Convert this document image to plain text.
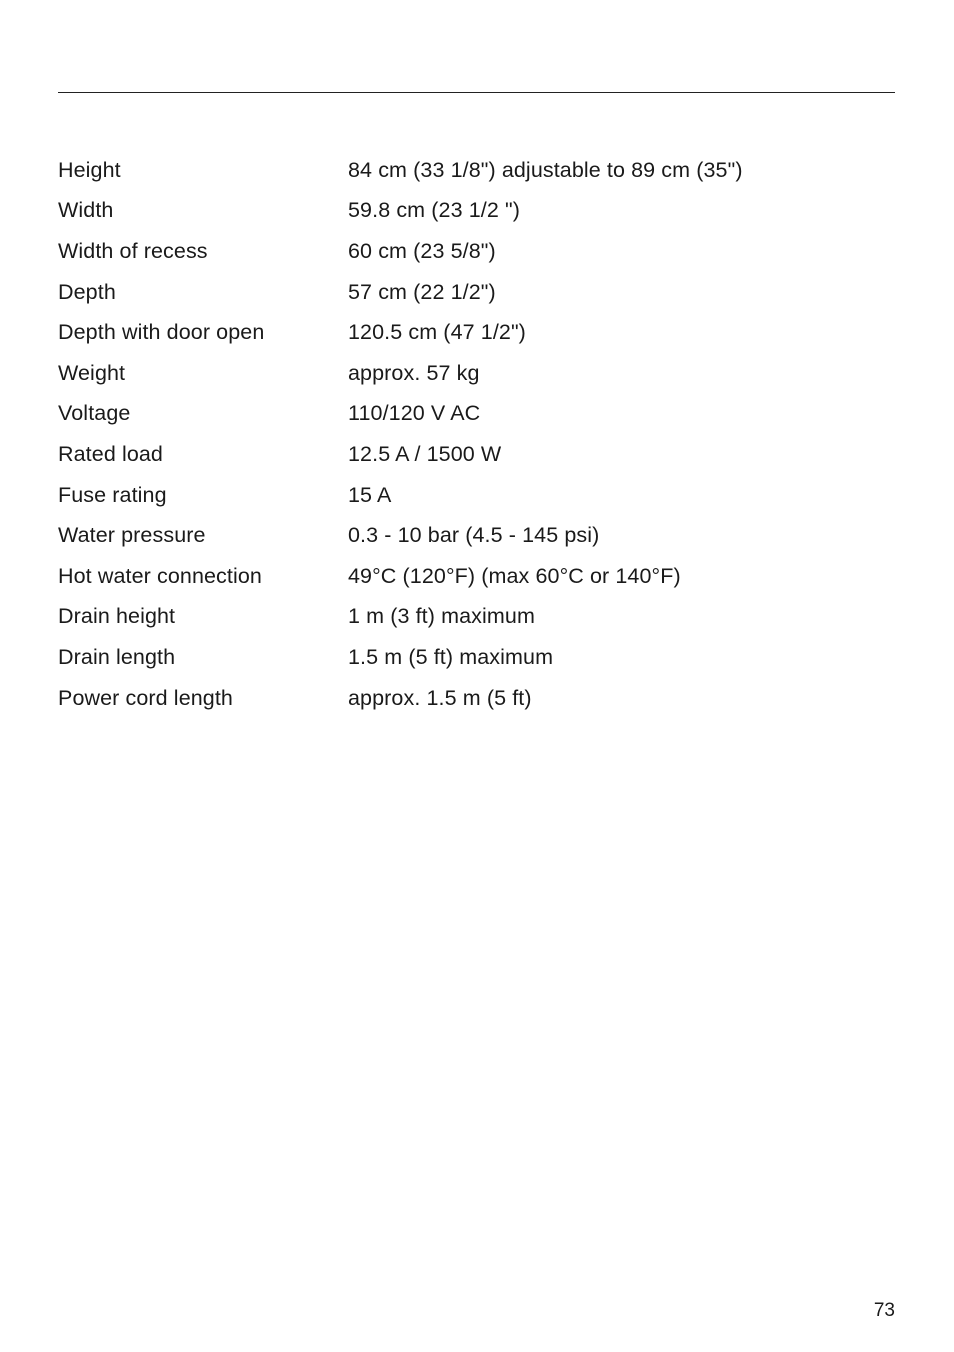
Height	84 cm (33 1/8") adjustable to 89 cm (35")
Width	59.8 cm (23 1/2 ")
Width of recess	60 cm (23 5/8")
Depth	57 cm (22 1/2")
Depth with door open	120.5 cm (47 1/2")
Weight	approx. 57 kg
Voltage	110/120 V AC
Rated load	12.5 A / 1500 W
Fuse rating	15 A
Water pressure	0.3 - 10 bar (4.5 - 145 psi)
Hot water connection	49°C (120°F) (max 60°C or 140°F)
Drain height	1 m (3 ft) maximum
Drain length	1.5 m (5 ft) maximum
Power cord length	approx. 1.5 m (5 ft)
73
